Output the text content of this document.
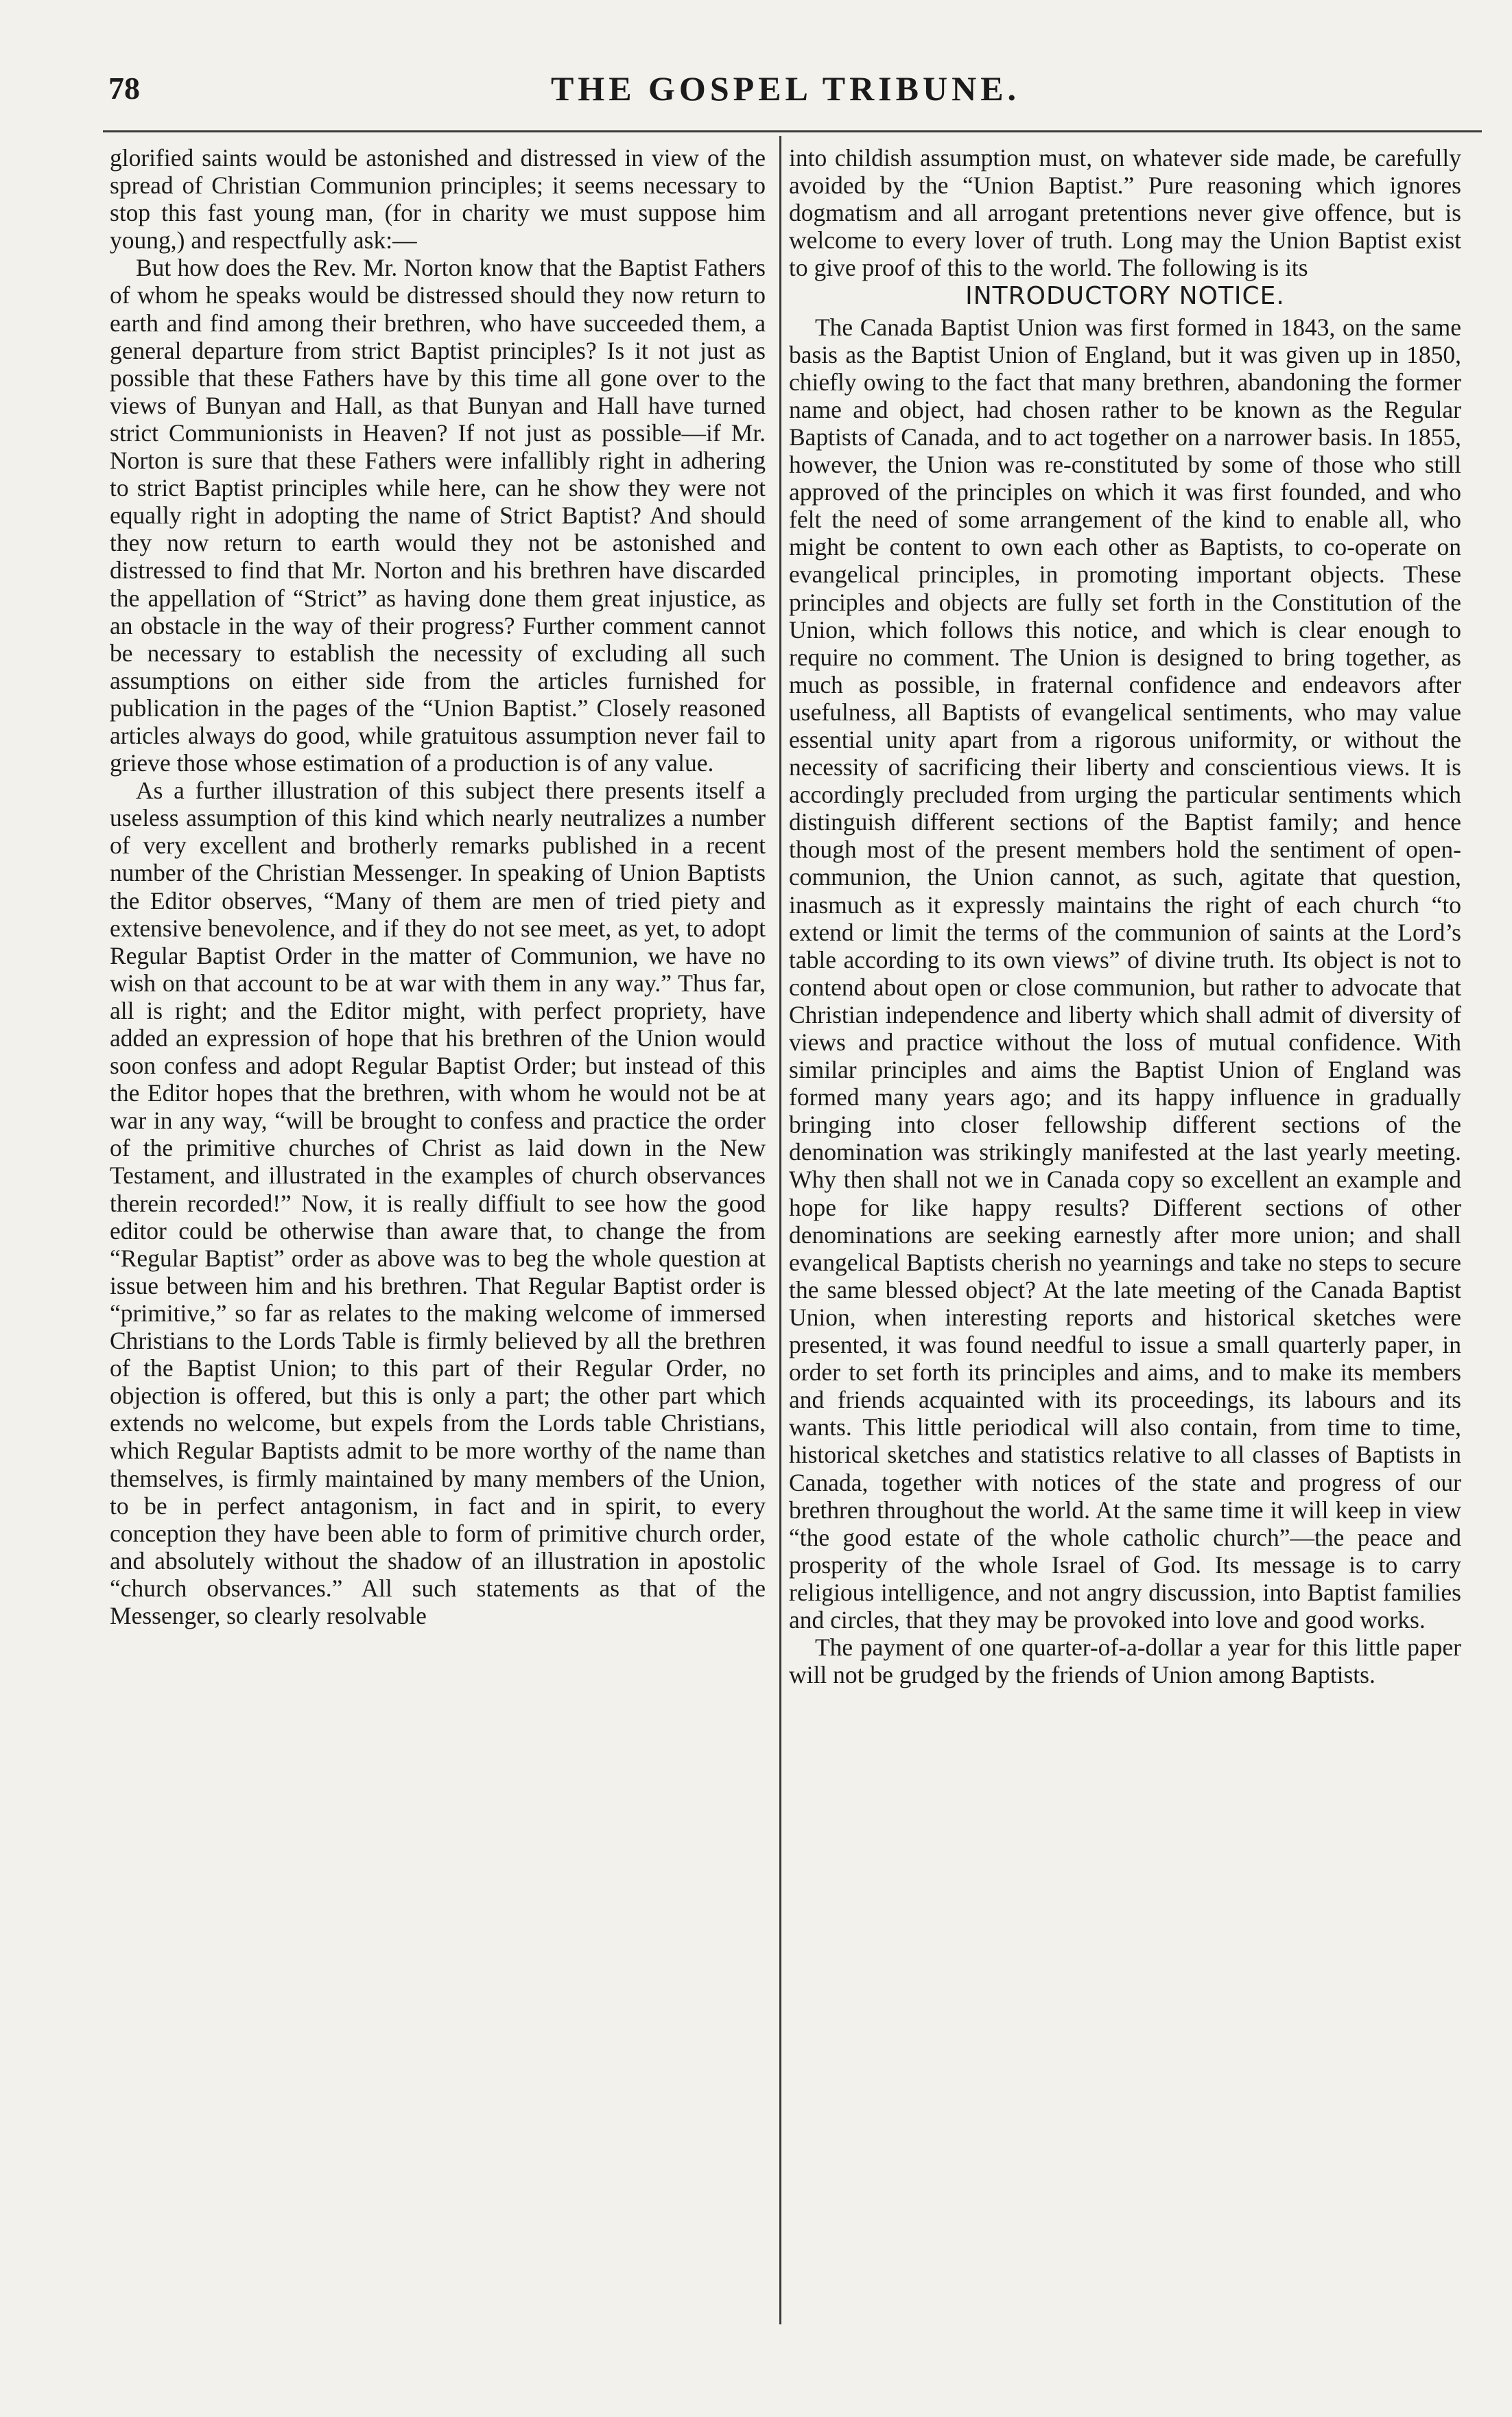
78	THE GOSPEL TRIBUNE.

glorified saints would be astonished and distressed in view of the spread of Christian Communion principles; it seems necessary to stop this fast young man, (for in charity we must suppose him young,) and respectfully ask:—

But how does the Rev. Mr. Norton know that the Baptist Fathers of whom he speaks would be distressed should they now return to earth and find among their brethren, who have succeeded them, a general departure from strict Baptist principles? Is it not just as possible that these Fathers have by this time all gone over to the views of Bunyan and Hall, as that Bunyan and Hall have turned strict Communionists in Heaven? If not just as possible—if Mr. Norton is sure that these Fathers were infallibly right in adhering to strict Baptist principles while here, can he show they were not equally right in adopting the name of Strict Baptist? And should they now return to earth would they not be astonished and distressed to find that Mr. Norton and his brethren have discarded the appellation of “Strict” as having done them great injustice, as an obstacle in the way of their progress? Further comment cannot be necessary to establish the necessity of excluding all such assumptions on either side from the articles furnished for publication in the pages of the “Union Baptist.” Closely reasoned articles always do good, while gratuitous assumption never fail to grieve those whose estimation of a production is of any value.

As a further illustration of this subject there presents itself a useless assumption of this kind which nearly neutralizes a number of very excellent and brotherly remarks published in a recent number of the Christian Messenger. In speaking of Union Baptists the Editor observes, “Many of them are men of tried piety and extensive benevolence, and if they do not see meet, as yet, to adopt Regular Baptist Order in the matter of Communion, we have no wish on that account to be at war with them in any way.” Thus far, all is right; and the Editor might, with perfect propriety, have added an expression of hope that his brethren of the Union would soon confess and adopt Regular Baptist Order; but instead of this the Editor hopes that the brethren, with whom he would not be at war in any way, “will be brought to confess and practice the order of the primitive churches of Christ as laid down in the New Testament, and illustrated in the examples of church observances therein recorded!” Now, it is really diffiult to see how the good editor could be otherwise than aware that, to change the from “Regular Baptist” order as above was to beg the whole question at issue between him and his brethren. That Regular Baptist order is “primitive,” so far as relates to the making welcome of immersed Christians to the Lords Table is firmly believed by all the brethren of the Baptist Union; to this part of their Regular Order, no objection is offered, but this is only a part; the other part which extends no welcome, but expels from the Lords table Christians, which Regular Baptists admit to be more worthy of the name than themselves, is firmly maintained by many members of the Union, to be in perfect antagonism, in fact and in spirit, to every conception they have been able to form of primitive church order, and absolutely without the shadow of an illustration in apostolic “church observances.” All such statements as that of the Messenger, so clearly resolvable

into childish assumption must, on whatever side made, be carefully avoided by the “Union Baptist.” Pure reasoning which ignores dogmatism and all arrogant pretentions never give offence, but is welcome to every lover of truth. Long may the Union Baptist exist to give proof of this to the world. The following is its

INTRODUCTORY NOTICE.

The Canada Baptist Union was first formed in 1843, on the same basis as the Baptist Union of England, but it was given up in 1850, chiefly owing to the fact that many brethren, abandoning the former name and object, had chosen rather to be known as the Regular Baptists of Canada, and to act together on a narrower basis. In 1855, however, the Union was re-constituted by some of those who still approved of the principles on which it was first founded, and who felt the need of some arrangement of the kind to enable all, who might be content to own each other as Baptists, to co-operate on evangelical principles, in promoting important objects. These principles and objects are fully set forth in the Constitution of the Union, which follows this notice, and which is clear enough to require no comment. The Union is designed to bring together, as much as possible, in fraternal confidence and endeavors after usefulness, all Baptists of evangelical sentiments, who may value essential unity apart from a rigorous uniformity, or without the necessity of sacrificing their liberty and conscientious views. It is accordingly precluded from urging the particular sentiments which distinguish different sections of the Baptist family; and hence though most of the present members hold the sentiment of open-communion, the Union cannot, as such, agitate that question, inasmuch as it expressly maintains the right of each church “to extend or limit the terms of the communion of saints at the Lord’s table according to its own views” of divine truth. Its object is not to contend about open or close communion, but rather to advocate that Christian independence and liberty which shall admit of diversity of views and practice without the loss of mutual confidence. With similar principles and aims the Baptist Union of England was formed many years ago; and its happy influence in gradually bringing into closer fellowship different sections of the denomination was strikingly manifested at the last yearly meeting. Why then shall not we in Canada copy so excellent an example and hope for like happy results? Different sections of other denominations are seeking earnestly after more union; and shall evangelical Baptists cherish no yearnings and take no steps to secure the same blessed object? At the late meeting of the Canada Baptist Union, when interesting reports and historical sketches were presented, it was found needful to issue a small quarterly paper, in order to set forth its principles and aims, and to make its members and friends acquainted with its proceedings, its labours and its wants. This little periodical will also contain, from time to time, historical sketches and statistics relative to all classes of Baptists in Canada, together with notices of the state and progress of our brethren throughout the world. At the same time it will keep in view “the good estate of the whole catholic church”—the peace and prosperity of the whole Israel of God. Its message is to carry religious intelligence, and not angry discussion, into Baptist families and circles, that they may be provoked into love and good works.

The payment of one quarter-of-a-dollar a year for this little paper will not be grudged by the friends of Union among Baptists.
